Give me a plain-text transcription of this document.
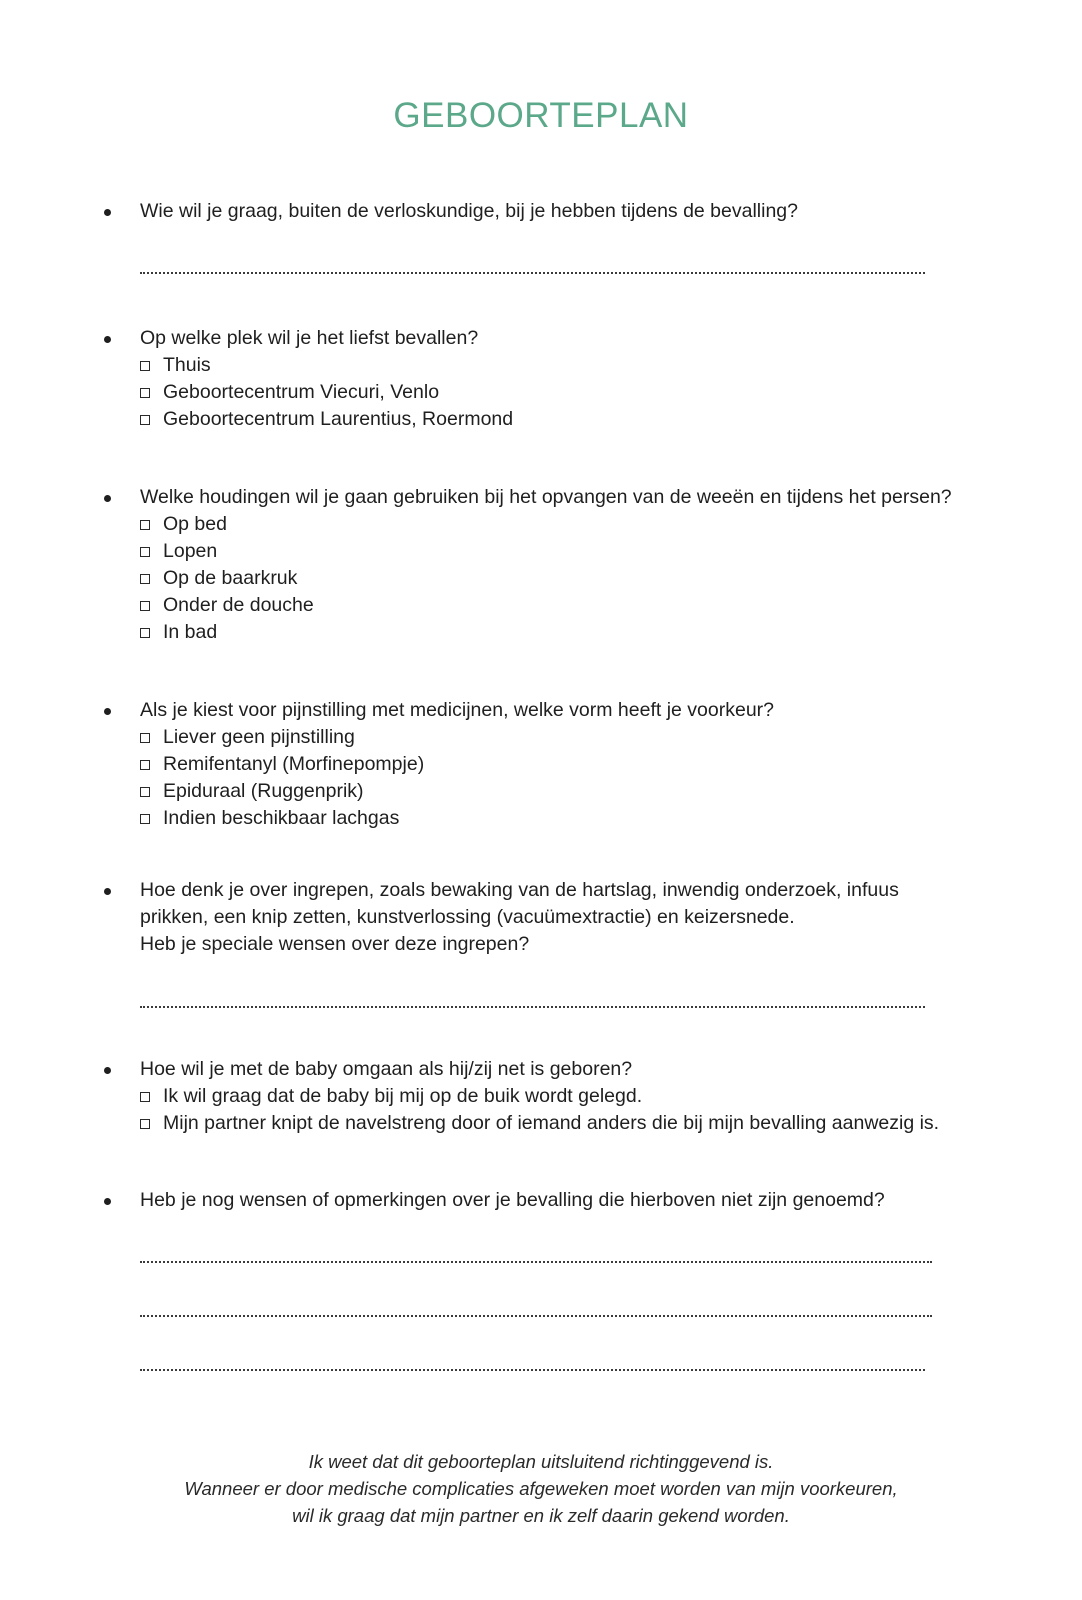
GEBOORTEPLAN
Wie wil je graag, buiten de verloskundige, bij je hebben tijdens de bevalling?
Op welke plek wil je het liefst bevallen?
Thuis
Geboortecentrum Viecuri, Venlo
Geboortecentrum Laurentius, Roermond
Welke houdingen wil je gaan gebruiken bij het opvangen van de weeën en tijdens het persen?
Op bed
Lopen
Op de baarkruk
Onder de douche
In bad
Als je kiest voor pijnstilling met medicijnen, welke vorm heeft je voorkeur?
Liever geen pijnstilling
Remifentanyl (Morfinepompje)
Epiduraal (Ruggenprik)
Indien beschikbaar lachgas
Hoe denk je over ingrepen, zoals bewaking van de hartslag, inwendig onderzoek, infuus
prikken, een knip zetten, kunstverlossing (vacuümextractie) en keizersnede.
Heb je speciale wensen over deze ingrepen?
Hoe wil je met de baby omgaan als hij/zij net is geboren?
Ik wil graag dat de baby bij mij op de buik wordt gelegd.
Mijn partner knipt de navelstreng door of iemand anders die bij mijn bevalling aanwezig is.
Heb je nog wensen of opmerkingen over je bevalling die hierboven niet zijn genoemd?
Ik weet dat dit geboorteplan uitsluitend richtinggevend is.
Wanneer er door medische complicaties afgeweken moet worden van mijn voorkeuren,
wil ik graag dat mijn partner en ik zelf daarin gekend worden.
